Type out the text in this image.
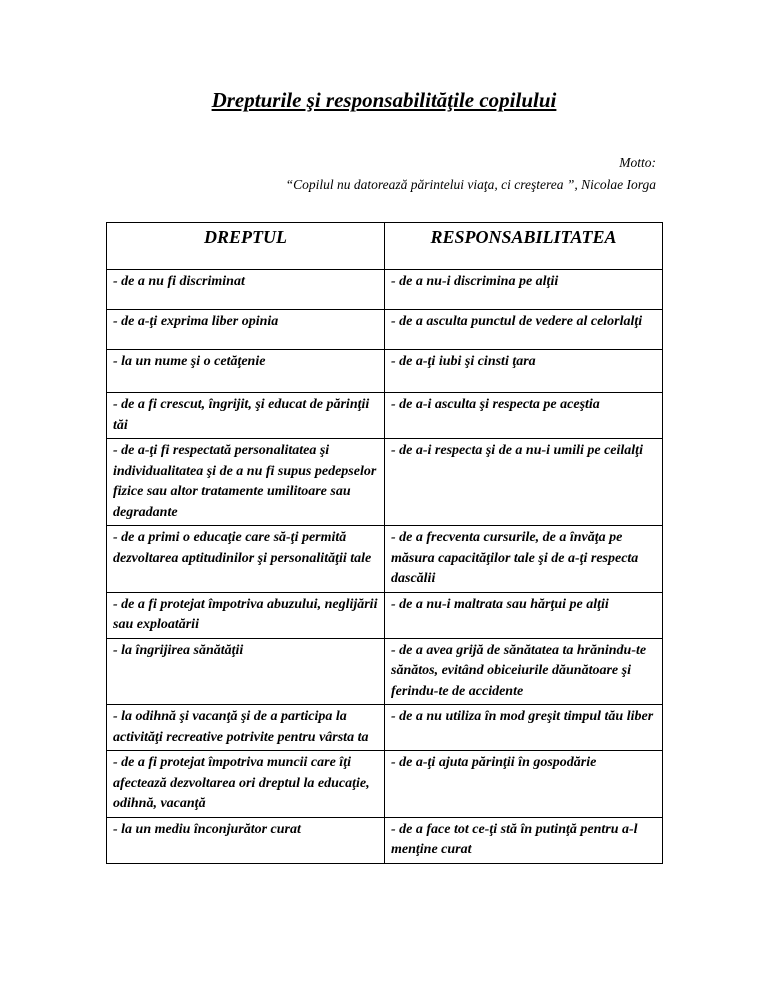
Drepturile şi responsabilităţile copilului
Motto:
“Copilul nu datorează părintelui viaţa, ci creşterea ”, Nicolae Iorga
DREPTUL	RESPONSABILITATEA
- de a nu fi discriminat	- de a nu-i discrimina pe alţii
- de a-ţi exprima liber opinia	- de a asculta punctul de vedere al celorlalţi
- la un nume şi o cetăţenie	- de a-ţi iubi şi cinsti ţara
- de a fi crescut, îngrijit, şi educat de părinţii tăi	- de a-i asculta şi respecta pe aceştia
- de a-ţi fi respectată personalitatea şi individualitatea şi de a nu fi supus pedepselor fizice sau altor tratamente umilitoare sau degradante	- de a-i respecta şi de a nu-i umili pe ceilalţi
- de a primi o educaţie care să-ţi permită dezvoltarea aptitudinilor şi personalităţii tale	- de a frecventa cursurile, de a învăţa pe măsura capacităţilor tale şi de a-ţi respecta dascălii
- de a fi protejat împotriva abuzului, neglijării sau exploatării	- de a nu-i maltrata sau hărţui pe alţii
- la îngrijirea sănătăţii	- de a avea grijă de sănătatea ta hrănindu-te sănătos, evitând obiceiurile dăunătoare şi ferindu-te de accidente
- la odihnă şi vacanţă şi de a participa la activităţi recreative potrivite pentru vârsta ta	- de a nu utiliza în mod greşit timpul tău liber
- de a fi protejat împotriva muncii care îţi afectează dezvoltarea ori dreptul la educaţie, odihnă, vacanţă	- de a-ţi ajuta părinţii în gospodărie
- la un mediu înconjurător curat	- de a face tot ce-ţi stă în putinţă pentru a-l menţine curat
